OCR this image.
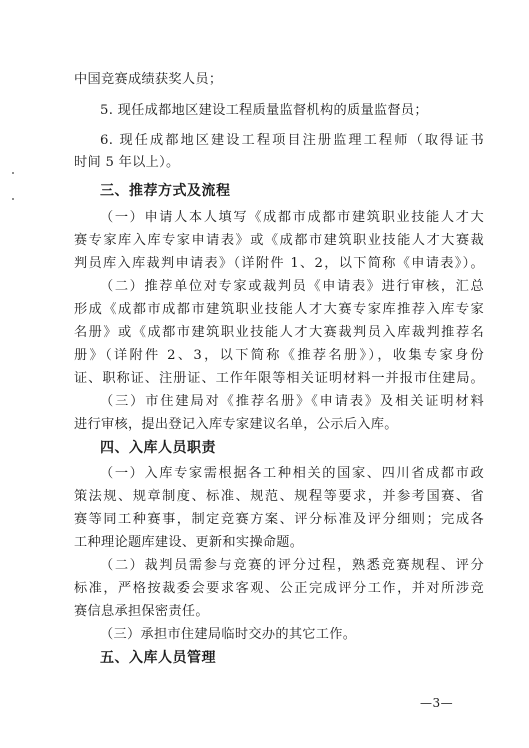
中国竞赛成绩获奖人员；
5. 现任成都地区建设工程质量监督机构的质量监督员；
6. 现任成都地区建设工程项目注册监理工程师（取得证书
时间 5 年以上）。
三、推荐方式及流程
（一）申请人本人填写《成都市成都市建筑职业技能人才大
赛专家库入库专家申请表》或《成都市建筑职业技能人才大赛裁
判员库入库裁判申请表》（详附件 1、2，以下简称《申请表》）。
（二）推荐单位对专家或裁判员《申请表》进行审核，汇总
形成《成都市成都市建筑职业技能人才大赛专家库推荐入库专家
名册》或《成都市建筑职业技能人才大赛裁判员入库裁判推荐名
册》（详附件 2、3，以下简称《推荐名册》），收集专家身份
证、职称证、注册证、工作年限等相关证明材料一并报市住建局。
（三）市住建局对《推荐名册》《申请表》及相关证明材料
进行审核，提出登记入库专家建议名单，公示后入库。
四、入库人员职责
（一）入库专家需根据各工种相关的国家、四川省成都市政
策法规、规章制度、标准、规范、规程等要求，并参考国赛、省
赛等同工种赛事，制定竞赛方案、评分标准及评分细则；完成各
工种理论题库建设、更新和实操命题。
（二）裁判员需参与竞赛的评分过程，熟悉竞赛规程、评分
标准，严格按裁委会要求客观、公正完成评分工作，并对所涉竞
赛信息承担保密责任。
（三）承担市住建局临时交办的其它工作。
五、入库人员管理
—3—
